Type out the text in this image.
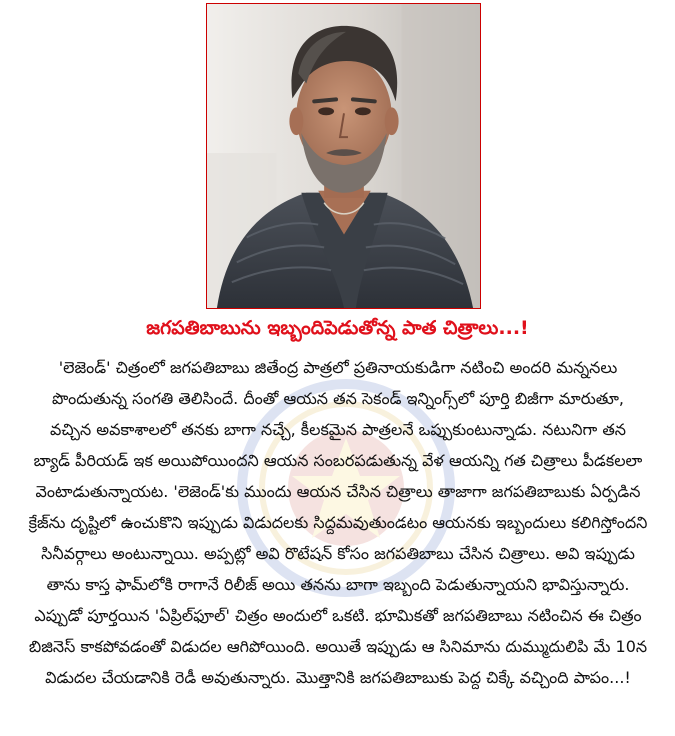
జగపతిబాబును ఇబ్బందిపెడుతోన్న పాత చిత్రాలు...!
'లెజెండ్' చిత్రంలో జగపతిబాబు జితేంద్ర పాత్రలో ప్రతినాయకుడిగా నటించి అందరి మన్ననలు
పొందుతున్న సంగతి తెలిసిందే. దీంతో ఆయన తన సెకండ్ ఇన్నింగ్స్‌లో పూర్తి బిజీగా మారుతూ,
వచ్చిన అవకాశాలలో తనకు బాగా నచ్చే, కీలకమైన పాత్రలనే ఒప్పుకుంటున్నాడు. నటునిగా తన
బ్యాడ్ పీరియడ్ ఇక అయిపోయిందని ఆయన సంబరపడుతున్న వేళ ఆయన్ని గత చిత్రాలు పీడకలలా
వెంటాడుతున్నాయట. 'లెజెండ్'కు ముందు ఆయన చేసిన చిత్రాలు తాజాగా జగపతిబాబుకు ఏర్పడిన
క్రేజ్‌ను దృష్టిలో ఉంచుకొని ఇప్పుడు విడుదలకు సిద్దమవుతుండటం ఆయనకు ఇబ్బందులు కలిగిస్తోందని
సినీవర్గాలు అంటున్నాయి. అప్పట్లో అవి రొటేషన్ కోసం జగపతిబాబు చేసిన చిత్రాలు. అవి ఇప్పుడు
తాను కాస్త ఫామ్‌లోకి రాగానే రిలీజ్ అయి తనను బాగా ఇబ్బంది పెడుతున్నాయని భావిస్తున్నారు.
ఎప్పుడో పూర్తయిన 'ఏప్రిల్‌ఫూల్' చిత్రం అందులో ఒకటి. భూమికతో జగపతిబాబు నటించిన ఈ చిత్రం
బిజినెస్ కాకపోవడంతో విడుదల ఆగిపోయింది. అయితే ఇప్పుడు ఆ సినిమాను దుమ్ముదులిపి మే 10న
విడుదల చేయడానికి రెడీ అవుతున్నారు. మొత్తానికి జగపతిబాబుకు పెద్ద చిక్కే వచ్చింది పాపం...!
